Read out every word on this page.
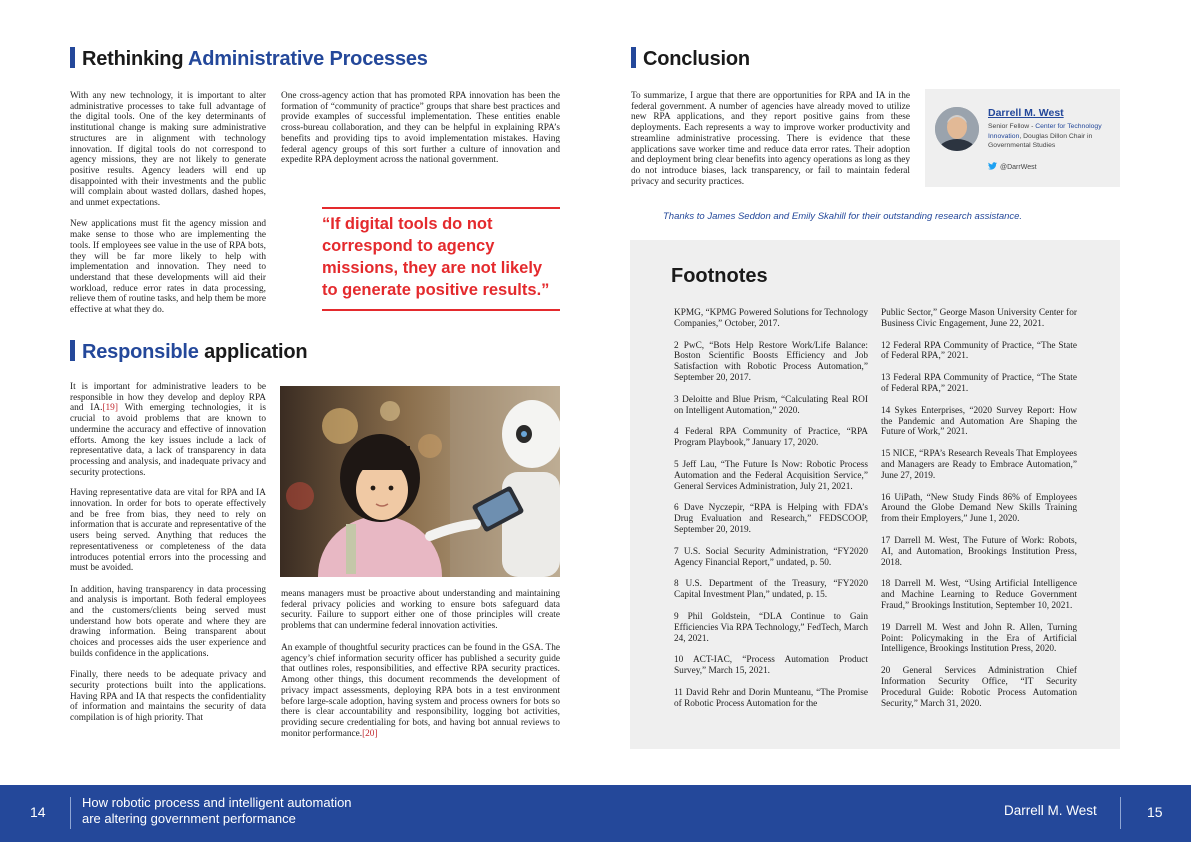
Rethinking Administrative Processes
With any new technology, it is important to alter administrative processes to take full advantage of the digital tools. One of the key determinants of institutional change is making sure administrative structures are in alignment with technology innovation. If digital tools do not correspond to agency missions, they are not likely to generate positive results. Agency leaders will end up disappointed with their investments and the public will complain about wasted dollars, dashed hopes, and unmet expectations.

New applications must fit the agency mission and make sense to those who are implementing the tools. If employees see value in the use of RPA bots, they will be far more likely to help with implementation and innovation. They need to understand that these developments will aid their workload, reduce error rates in data processing, relieve them of routine tasks, and help them be more effective at what they do.
One cross-agency action that has promoted RPA innovation has been the formation of “community of practice” groups that share best practices and provide examples of successful implementation. These entities enable cross-bureau collaboration, and they can be helpful in explaining RPA’s benefits and providing tips to avoid implementation mistakes. Having federal agency groups of this sort further a culture of innovation and expedite RPA deployment across the national government.
“If digital tools do not correspond to agency missions, they are not likely to generate positive results.”
Responsible application
It is important for administrative leaders to be responsible in how they develop and deploy RPA and IA.[19] With emerging technologies, it is crucial to avoid problems that are known to undermine the accuracy and effective of innovation efforts. Among the key issues include a lack of representative data, a lack of transparency in data processing and analysis, and inadequate privacy and security protections.

Having representative data are vital for RPA and IA innovation. In order for bots to operate effectively and be free from bias, they need to rely on information that is accurate and representative of the users being served. Anything that reduces the representativeness or completeness of the data introduces potential errors into the processing and must be avoided.

In addition, having transparency in data processing and analysis is important. Both federal employees and the customers/clients being served must understand how bots operate and where they are drawing information. Being transparent about choices and processes aids the user experience and builds confidence in the applications.

Finally, there needs to be adequate privacy and security protections built into the applications. Having RPA and IA that respects the confidentiality of information and maintains the security of data compilation is of high priority. That
means managers must be proactive about understanding and maintaining federal privacy policies and working to ensure bots safeguard data security. Failure to support either one of those principles will create problems that can undermine federal innovation activities.
An example of thoughtful security practices can be found in the GSA. The agency’s chief information security officer has published a security guide that outlines roles, responsibilities, and effective RPA security practices. Among other things, this document recommends the development of privacy impact assessments, deploying RPA bots in a test environment before large-scale adoption, having system and process owners for bots so there is clear accountability and responsibility, logging bot activities, providing secure credentialing for bots, and having bot annual reviews to monitor performance.[20]
Conclusion
To summarize, I argue that there are opportunities for RPA and IA in the federal government. A number of agencies have already moved to utilize new RPA applications, and they report positive gains from these deployments. Each represents a way to improve worker productivity and streamline administrative processing. There is evidence that these applications save worker time and reduce data error rates. Their adoption and deployment bring clear benefits into agency operations as long as they do not introduce biases, lack transparency, or fail to maintain federal privacy and security practices.
Darrell M. West
Senior Fellow - Center for Technology Innovation, Douglas Dillon Chair in Governmental Studies
@DarrWest
Thanks to James Seddon and Emily Skahill for their outstanding research assistance.
Footnotes

KPMG, “KPMG Powered Solutions for Technology Companies,” October, 2017.

2 PwC, “Bots Help Restore Work/Life Balance: Boston Scientific Boosts Efficiency and Job Satisfaction with Robotic Process Automation,” September 20, 2017.

3 Deloitte and Blue Prism, “Calculating Real ROI on Intelligent Automation,” 2020.

4 Federal RPA Community of Practice, “RPA Program Playbook,” January 17, 2020.

5 Jeff Lau, “The Future Is Now: Robotic Process Automation and the Federal Acquisition Service,” General Services Administration, July 21, 2021.

6 Dave Nyczepir, “RPA is Helping with FDA’s Drug Evaluation and Research,” FEDSCOOP, September 20, 2019.

7 U.S. Social Security Administration, “FY2020 Agency Financial Report,” undated, p. 50.

8 U.S. Department of the Treasury, “FY2020 Capital Investment Plan,” undated, p. 15.

9 Phil Goldstein, “DLA Continue to Gain Efficiencies Via RPA Technology,” FedTech, March 24, 2021.

10 ACT-IAC, “Process Automation Product Survey,” March 15, 2021.

11 David Rehr and Dorin Munteanu, “The Promise of Robotic Process Automation for the

Public Sector,” George Mason University Center for Business Civic Engagement, June 22, 2021.

12 Federal RPA Community of Practice, “The State of Federal RPA,” 2021.

13 Federal RPA Community of Practice, “The State of Federal RPA,” 2021.

14 Sykes Enterprises, “2020 Survey Report: How the Pandemic and Automation Are Shaping the Future of Work,” 2021.

15 NICE, “RPA’s Research Reveals That Employees and Managers are Ready to Embrace Automation,” June 27, 2019.

16 UiPath, “New Study Finds 86% of Employees Around the Globe Demand New Skills Training from their Employers,” June 1, 2020.

17 Darrell M. West, The Future of Work: Robots, AI, and Automation, Brookings Institution Press, 2018.

18 Darrell M. West, “Using Artificial Intelligence and Machine Learning to Reduce Government Fraud,” Brookings Institution, September 10, 2021.

19 Darrell M. West and John R. Allen, Turning Point: Policymaking in the Era of Artificial Intelligence, Brookings Institution Press, 2020.

20 General Services Administration Chief Information Security Office, “IT Security Procedural Guide: Robotic Process Automation Security,” March 31, 2020.

14
How robotic process and intelligent automation
are altering government performance
Darrell M. West	15
